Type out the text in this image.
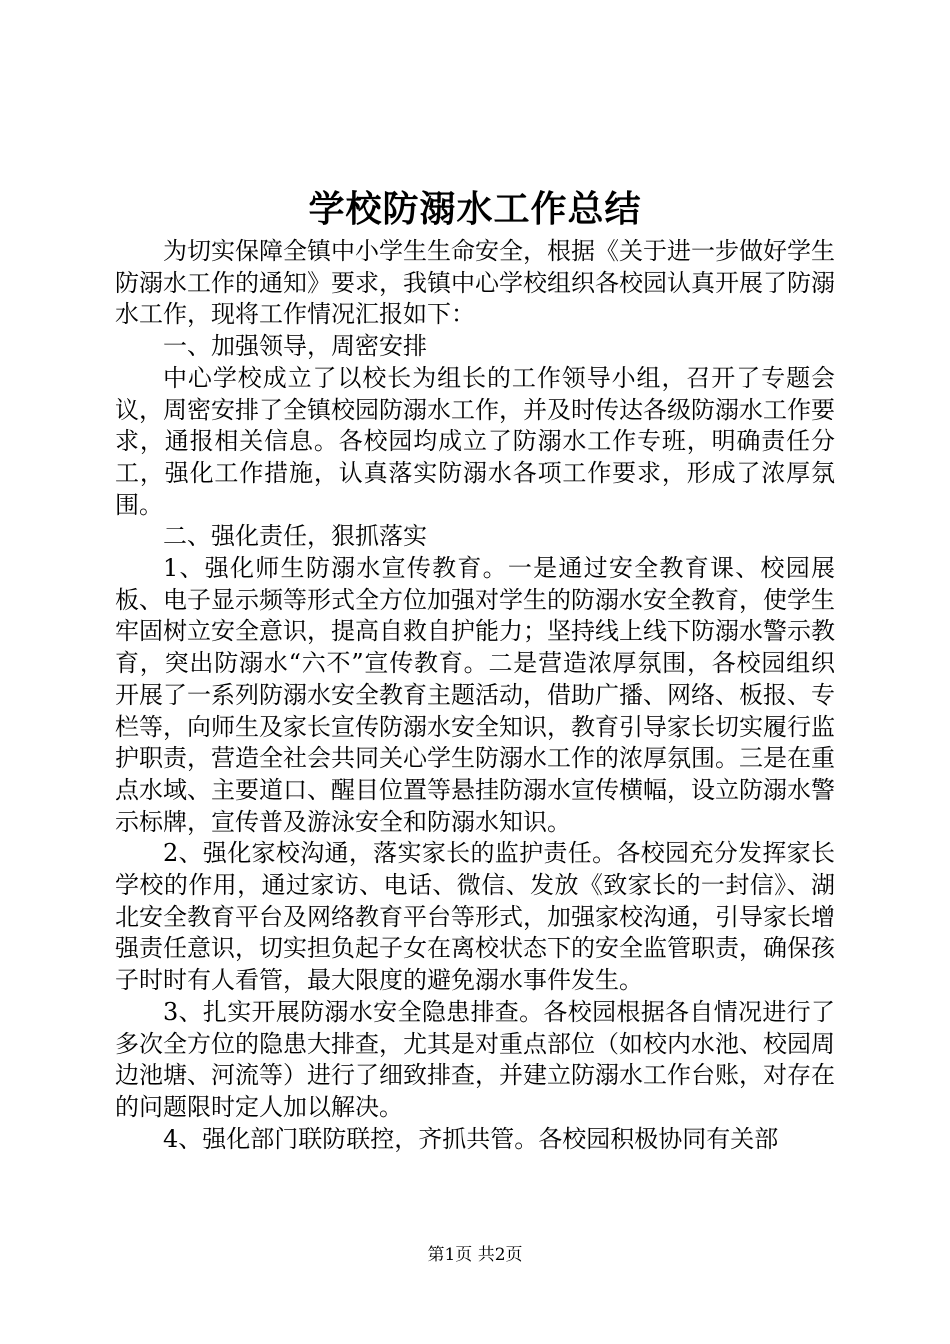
学校防溺水工作总结

为切实保障全镇中小学生生命安全，根据《关于进一步做好学生防溺水工作的通知》要求，我镇中心学校组织各校园认真开展了防溺水工作，现将工作情况汇报如下：

一、加强领导，周密安排

中心学校成立了以校长为组长的工作领导小组，召开了专题会议，周密安排了全镇校园防溺水工作，并及时传达各级防溺水工作要求，通报相关信息。各校园均成立了防溺水工作专班，明确责任分工，强化工作措施，认真落实防溺水各项工作要求，形成了浓厚氛围。

二、强化责任，狠抓落实

1、强化师生防溺水宣传教育。一是通过安全教育课、校园展板、电子显示频等形式全方位加强对学生的防溺水安全教育，使学生牢固树立安全意识，提高自救自护能力；坚持线上线下防溺水警示教育，突出防溺水“六不”宣传教育。二是营造浓厚氛围，各校园组织开展了一系列防溺水安全教育主题活动，借助广播、网络、板报、专栏等，向师生及家长宣传防溺水安全知识，教育引导家长切实履行监护职责，营造全社会共同关心学生防溺水工作的浓厚氛围。三是在重点水域、主要道口、醒目位置等悬挂防溺水宣传横幅，设立防溺水警示标牌，宣传普及游泳安全和防溺水知识。

2、强化家校沟通，落实家长的监护责任。各校园充分发挥家长学校的作用，通过家访、电话、微信、发放《致家长的一封信》、湖北安全教育平台及网络教育平台等形式，加强家校沟通，引导家长增强责任意识，切实担负起子女在离校状态下的安全监管职责，确保孩子时时有人看管，最大限度的避免溺水事件发生。

3、扎实开展防溺水安全隐患排查。各校园根据各自情况进行了多次全方位的隐患大排查，尤其是对重点部位（如校内水池、校园周边池塘、河流等）进行了细致排查，并建立防溺水工作台账，对存在的问题限时定人加以解决。

4、强化部门联防联控，齐抓共管。各校园积极协同有关部

第1页 共2页
